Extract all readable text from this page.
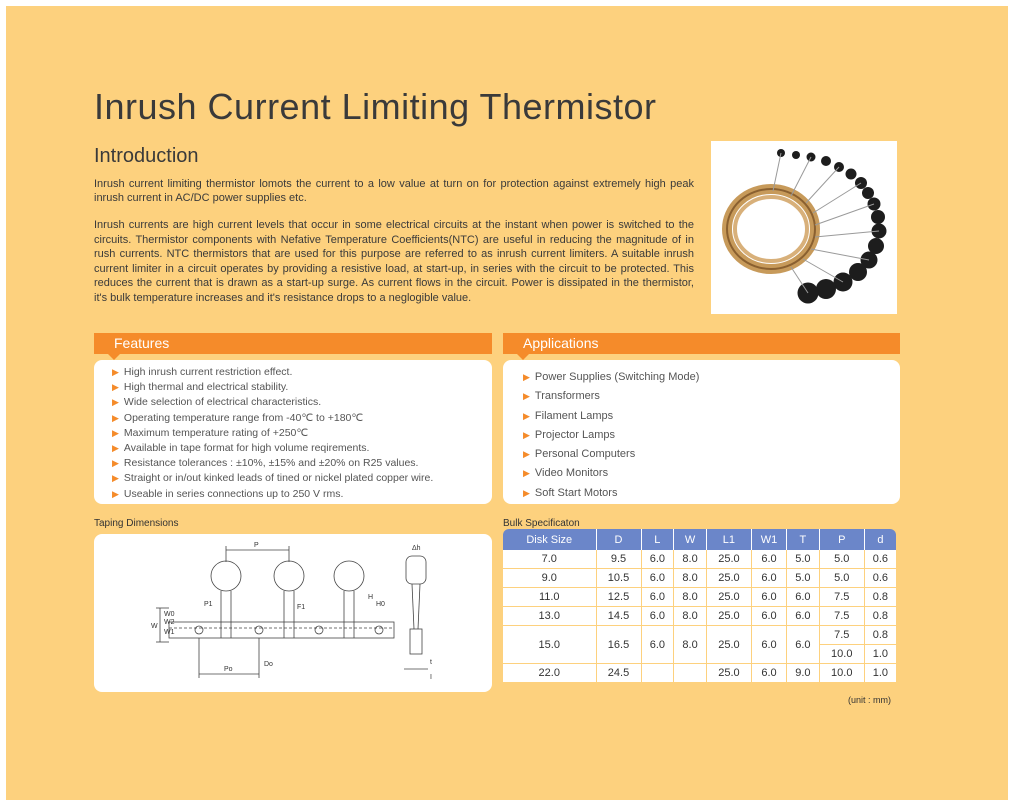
Inrush Current Limiting Thermistor
Introduction
Inrush current limiting thermistor lomots the current to a low value at turn on for protection against extremely high peak inrush current in AC/DC power supplies etc.
Inrush currents are high current levels that occur in some electrical circuits at the instant when power is switched to the circuits. Thermistor components with Nefative Temperature Coefficients(NTC) are useful in reducing the magnitude of in rush currents. NTC thermistors that are used for this purpose are referred to as inrush current limiters. A suitable inrush current limiter in a circuit operates by providing a resistive load, at start-up, in series with the circuit to be protected. This reduces the current that is drawn as a start-up surge. As current flows in the circuit. Power is dissipated in the thermistor, it's bulk temperature increases and it's resistance drops to a neglogible value.
Features
▶ High inrush current restriction effect.
▶ High thermal and electrical stability.
▶ Wide selection of electrical characteristics.
▶ Operating temperature range from -40℃ to +180℃
▶ Maximum temperature rating of +250℃
▶ Available in tape format for high volume reqirements.
▶ Resistance tolerances : ±10%, ±15% and ±20% on R25 values.
▶ Straight or in/out kinked leads of tined or nickel plated copper wire.
▶ Useable in series connections up to 250 V rms.
Applications
▶ Power Supplies (Switching Mode)
▶ Transformers
▶ Filament Lamps
▶ Projector Lamps
▶ Personal Computers
▶ Video Monitors
▶ Soft Start Motors
Taping Dimensions
P
P1	F1
Po
Do
W
W0
W1
W2
H
H0
Δh
t
I
Bulk Specificaton
Disk Size	D	L	W	L1	W1	T	P	d
7.0	9.5	6.0	8.0	25.0	6.0	5.0	5.0	0.6
9.0	10.5	6.0	8.0	25.0	6.0	5.0	5.0	0.6
11.0	12.5	6.0	8.0	25.0	6.0	6.0	7.5	0.8
13.0	14.5	6.0	8.0	25.0	6.0	6.0	7.5	0.8
15.0	16.5	6.0	8.0	25.0	6.0	6.0	7.5	0.8
							10.0	1.0
22.0	24.5			25.0	6.0	9.0	10.0	1.0
(unit : mm)
